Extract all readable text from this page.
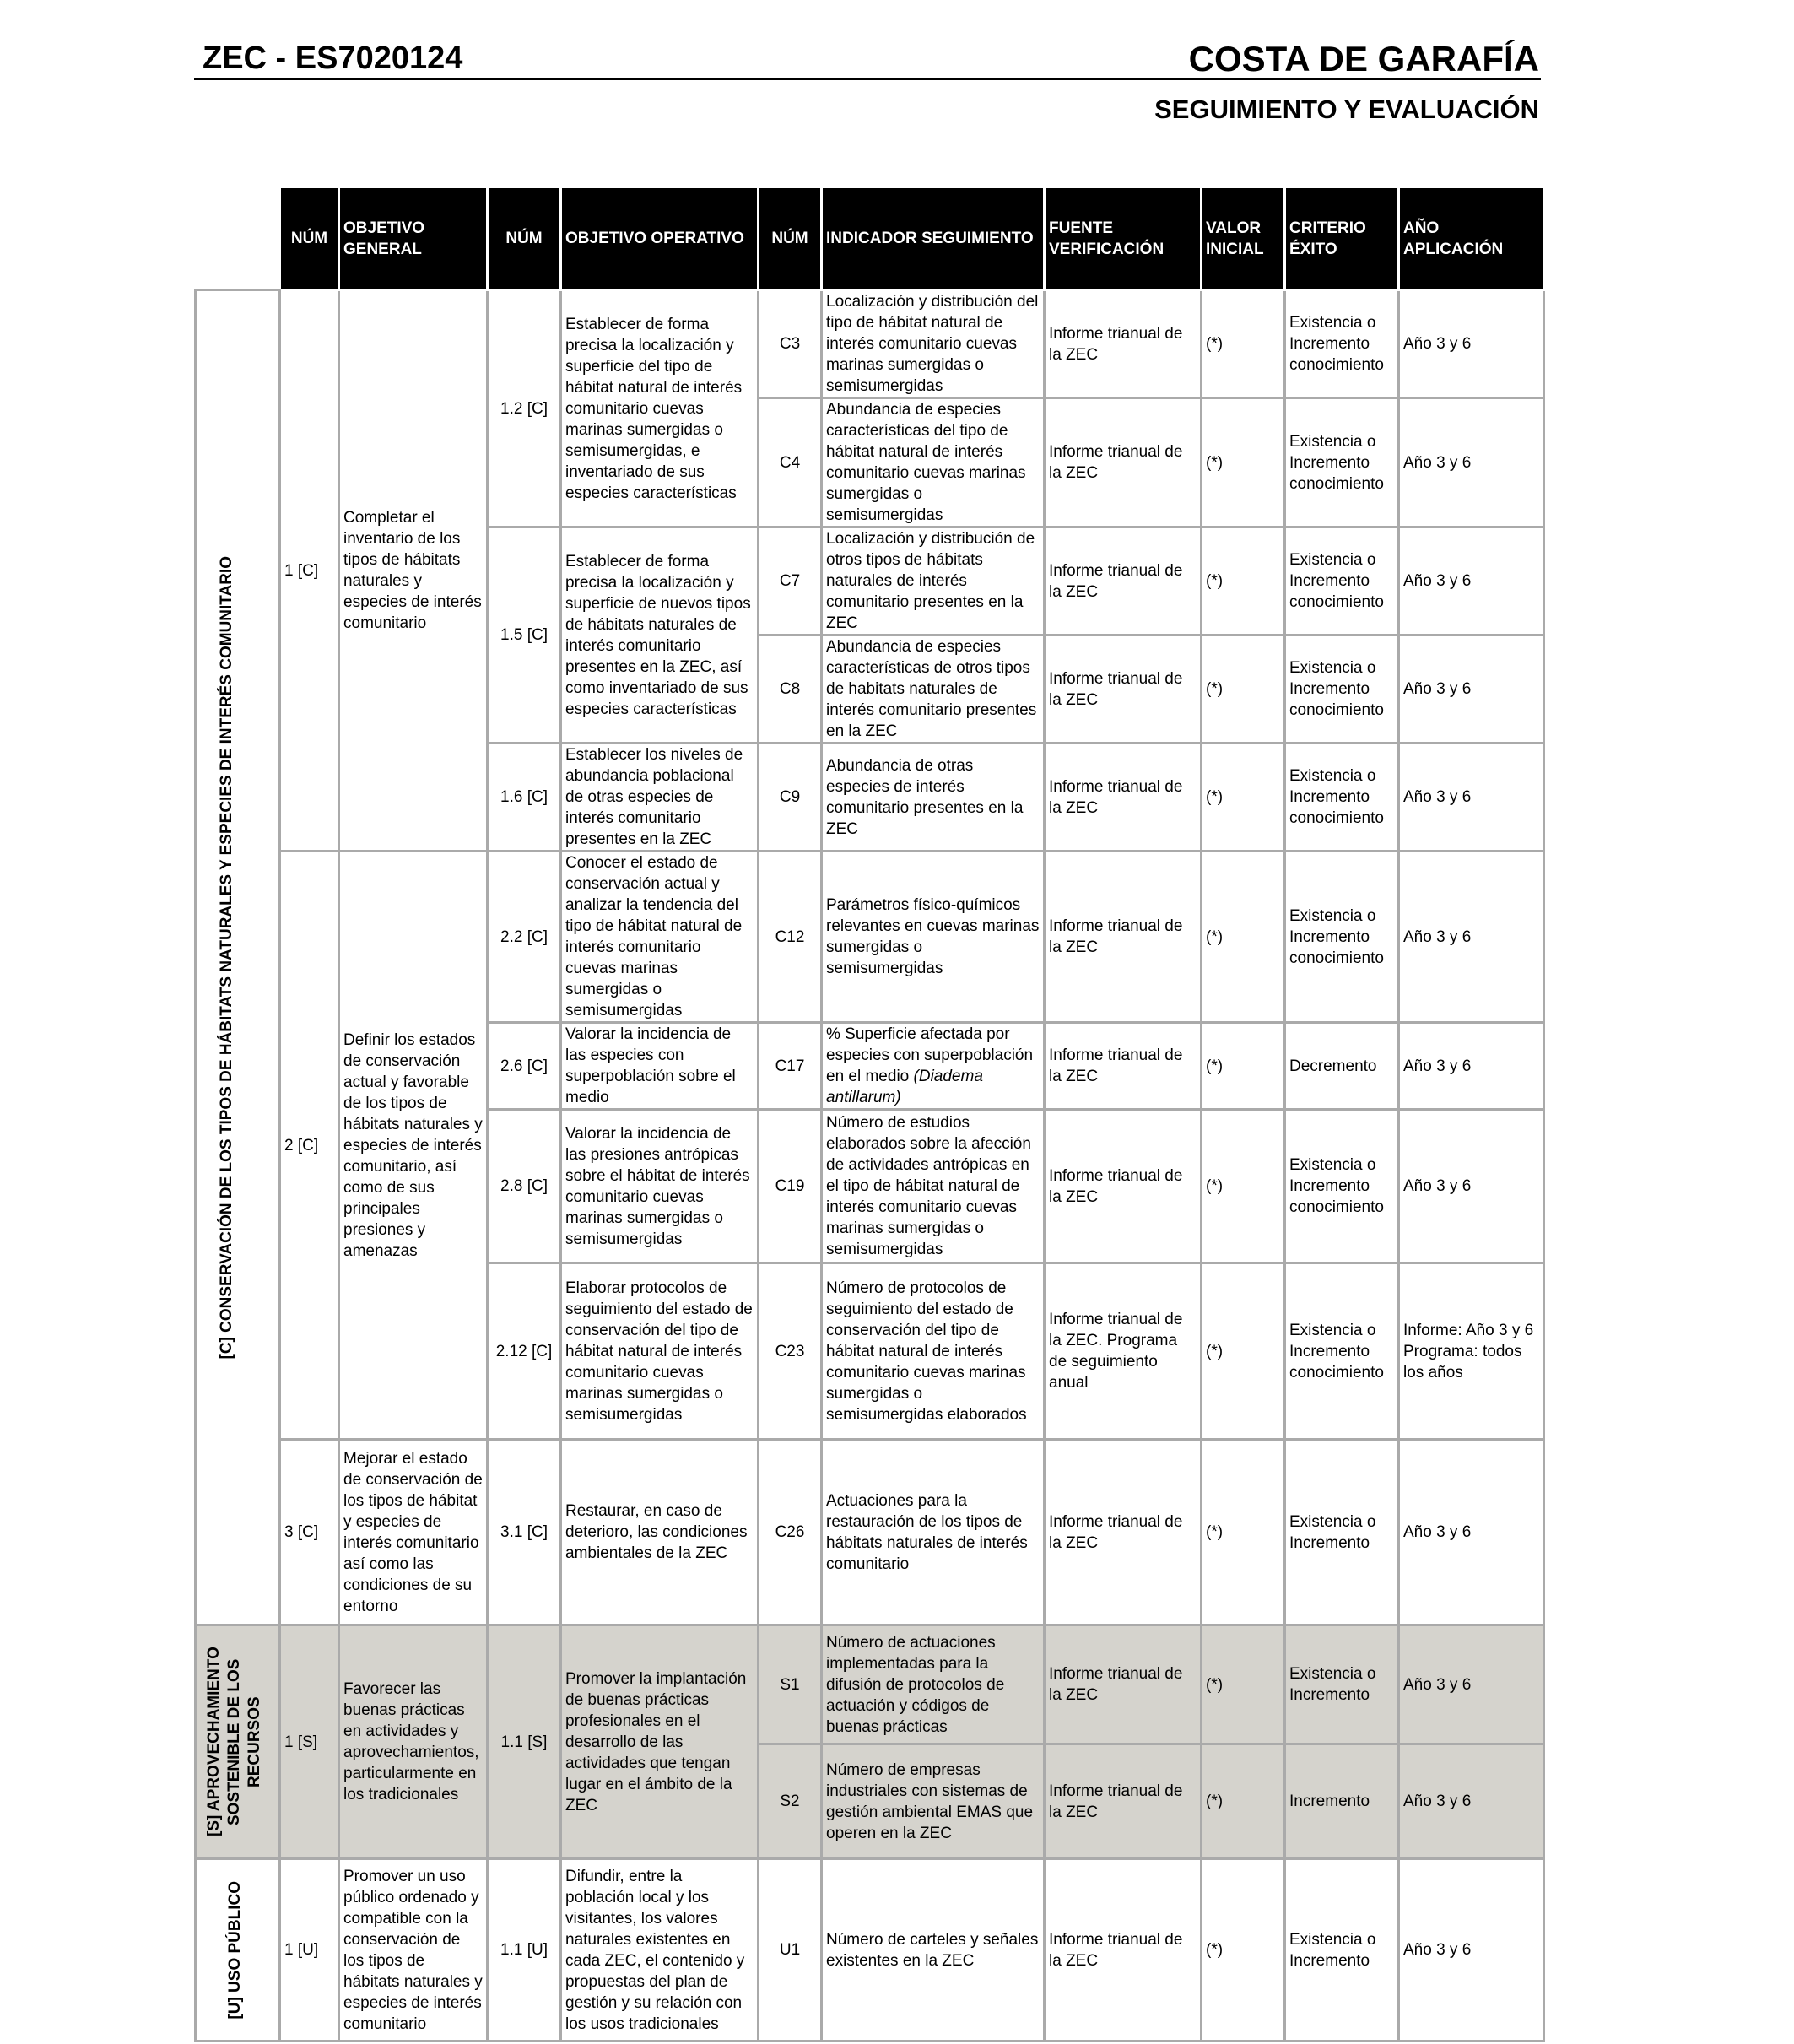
ZEC - ES7020124	COSTA DE GARAFÍA
SEGUIMIENTO Y EVALUACIÓN
	NÚM	OBJETIVO GENERAL	NÚM	OBJETIVO OPERATIVO	NÚM	INDICADOR SEGUIMIENTO	FUENTE VERIFICACIÓN	VALOR INICIAL	CRITERIO ÉXITO	AÑO APLICACIÓN

[C] CONSERVACIÓN DE LOS TIPOS DE HÁBITATS NATURALES Y ESPECIES DE INTERÉS COMUNITARIO	1 [C]	Completar el inventario de los tipos de hábitats naturales y especies de interés comunitario	1.2 [C]	Establecer de forma precisa la localización y superficie del tipo de hábitat natural de interés comunitario cuevas marinas sumergidas o semisumergidas, e inventariado de sus especies características	C3	Localización y distribución del tipo de hábitat natural de interés comunitario cuevas marinas sumergidas o semisumergidas	Informe trianual de la ZEC	(*)	Existencia o Incremento conocimiento	Año 3 y 6
					C4	Abundancia de especies características del tipo de hábitat natural de interés comunitario cuevas marinas sumergidas o semisumergidas	Informe trianual de la ZEC	(*)	Existencia o Incremento conocimiento	Año 3 y 6
			1.5 [C]	Establecer de forma precisa la localización y superficie de nuevos tipos de hábitats naturales de interés comunitario presentes en la ZEC, así como inventariado de sus especies características	C7	Localización y distribución de otros tipos de hábitats naturales de interés comunitario presentes en la ZEC	Informe trianual de la ZEC	(*)	Existencia o Incremento conocimiento	Año 3 y 6
					C8	Abundancia de especies características de otros tipos de habitats naturales de interés comunitario presentes en la ZEC	Informe trianual de la ZEC	(*)	Existencia o Incremento conocimiento	Año 3 y 6
			1.6 [C]	Establecer los niveles de abundancia poblacional de otras especies de interés comunitario presentes en la ZEC	C9	Abundancia de otras especies de interés comunitario presentes en la ZEC	Informe trianual de la ZEC	(*)	Existencia o Incremento conocimiento	Año 3 y 6
	2 [C]	Definir los estados de conservación actual y favorable de los tipos de hábitats naturales y especies de interés comunitario, así como de sus principales presiones y amenazas	2.2 [C]	Conocer el estado de conservación actual y analizar la tendencia del tipo de hábitat natural de interés comunitario cuevas marinas sumergidas o semisumergidas	C12	Parámetros físico-químicos relevantes en cuevas marinas sumergidas o semisumergidas	Informe trianual de la ZEC	(*)	Existencia o Incremento conocimiento	Año 3 y 6
			2.6 [C]	Valorar la incidencia de las especies con superpoblación sobre el medio	C17	% Superficie afectada por especies con superpoblación en el medio (Diadema antillarum)	Informe trianual de la ZEC	(*)	Decremento	Año 3 y 6
			2.8 [C]	Valorar la incidencia de las presiones antrópicas sobre el hábitat de interés comunitario cuevas marinas sumergidas o semisumergidas	C19	Número de estudios elaborados sobre la afección de actividades antrópicas en el tipo de hábitat natural de interés comunitario cuevas marinas sumergidas o semisumergidas	Informe trianual de la ZEC	(*)	Existencia o Incremento conocimiento	Año 3 y 6
			2.12 [C]	Elaborar protocolos de seguimiento del estado de conservación del tipo de hábitat natural de interés comunitario cuevas marinas sumergidas o semisumergidas	C23	Número de protocolos de seguimiento del estado de conservación del tipo de hábitat natural de interés comunitario cuevas marinas sumergidas o semisumergidas elaborados	Informe trianual de la ZEC. Programa de seguimiento anual	(*)	Existencia o Incremento conocimiento	Informe: Año 3 y 6 Programa: todos los años
	3 [C]	Mejorar el estado de conservación de los tipos de hábitat y especies de interés comunitario así como las condiciones de su entorno	3.1 [C]	Restaurar, en caso de deterioro, las condiciones ambientales de la ZEC	C26	Actuaciones para la restauración de los tipos de hábitats naturales de interés comunitario	Informe trianual de la ZEC	(*)	Existencia o Incremento	Año 3 y 6

[S] APROVECHAMIENTO SOSTENIBLE DE LOS RECURSOS	1 [S]	Favorecer las buenas prácticas en actividades y aprovechamientos, particularmente en los tradicionales	1.1 [S]	Promover la implantación de buenas prácticas profesionales en el desarrollo de las actividades que tengan lugar en el ámbito de la ZEC	S1	Número de actuaciones implementadas para la difusión de protocolos de actuación y códigos de buenas prácticas	Informe trianual de la ZEC	(*)	Existencia o Incremento	Año 3 y 6
					S2	Número de empresas industriales con sistemas de gestión ambiental EMAS que operen en la ZEC	Informe trianual de la ZEC	(*)	Incremento	Año 3 y 6

[U] USO PÚBLICO	1 [U]	Promover un uso público ordenado y compatible con la conservación de los tipos de hábitats naturales y especies de interés comunitario	1.1 [U]	Difundir, entre la población local y los visitantes, los valores naturales existentes en cada ZEC, el contenido y propuestas del plan de gestión y su relación con los usos tradicionales	U1	Número de carteles y señales existentes en la ZEC	Informe trianual de la ZEC	(*)	Existencia o Incremento	Año 3 y 6
